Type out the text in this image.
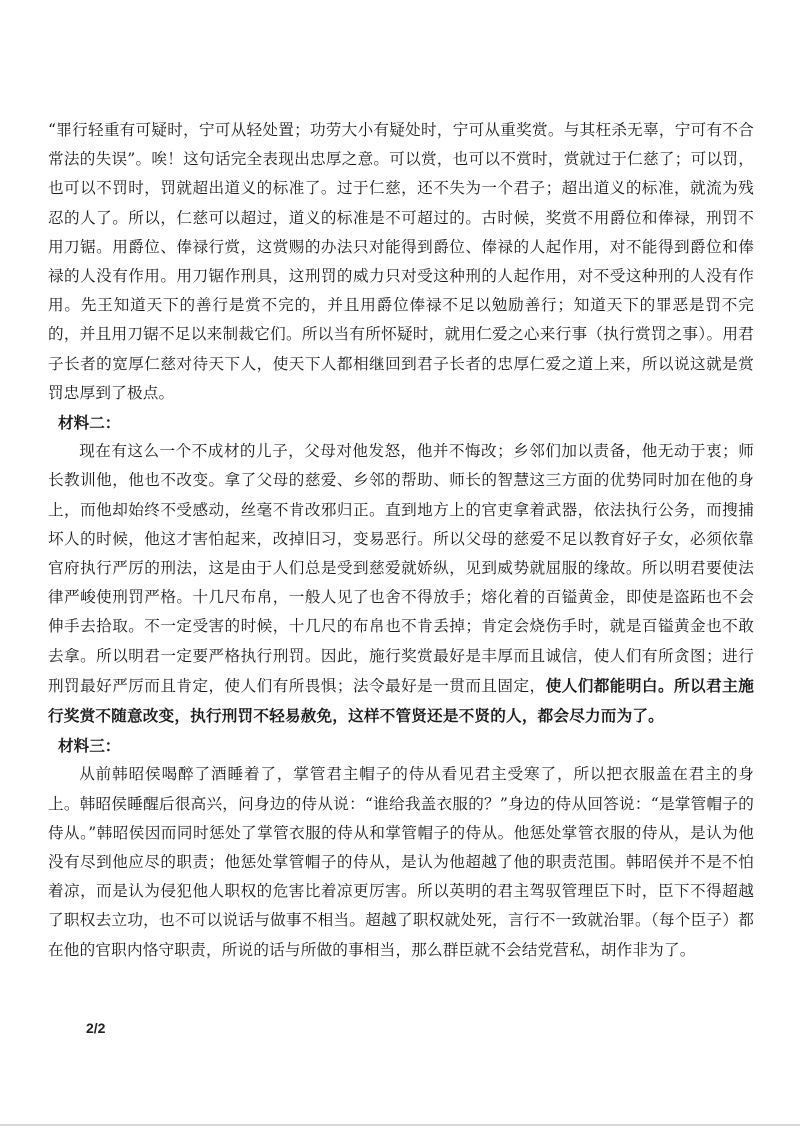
“罪行轻重有可疑时，宁可从轻处置；功劳大小有疑处时，宁可从重奖赏。与其枉杀无辜，宁可有不合常法的失误”。唉！这句话完全表现出忠厚之意。可以赏，也可以不赏时，赏就过于仁慈了；可以罚，也可以不罚时，罚就超出道义的标准了。过于仁慈，还不失为一个君子；超出道义的标准，就流为残忍的人了。所以，仁慈可以超过，道义的标准是不可超过的。古时候，奖赏不用爵位和俸禄，刑罚不用刀锯。用爵位、俸禄行赏，这赏赐的办法只对能得到爵位、俸禄的人起作用，对不能得到爵位和俸禄的人没有作用。用刀锯作刑具，这刑罚的威力只对受这种刑的人起作用，对不受这种刑的人没有作用。先王知道天下的善行是赏不完的，并且用爵位俸禄不足以勉励善行；知道天下的罪恶是罚不完的，并且用刀锯不足以来制裁它们。所以当有所怀疑时，就用仁爱之心来行事（执行赏罚之事）。用君子长者的宽厚仁慈对待天下人，使天下人都相继回到君子长者的忠厚仁爱之道上来，所以说这就是赏罚忠厚到了极点。

材料二：

现在有这么一个不成材的儿子，父母对他发怒，他并不悔改；乡邻们加以责备，他无动于衷；师长教训他，他也不改变。拿了父母的慈爱、乡邻的帮助、师长的智慧这三方面的优势同时加在他的身上，而他却始终不受感动，丝毫不肯改邪归正。直到地方上的官吏拿着武器，依法执行公务，而搜捕坏人的时候，他这才害怕起来，改掉旧习，变易恶行。所以父母的慈爱不足以教育好子女，必须依靠官府执行严厉的刑法，这是由于人们总是受到慈爱就娇纵，见到威势就屈服的缘故。所以明君要使法律严峻使刑罚严格。十几尺布帛，一般人见了也舍不得放手；熔化着的百镒黄金，即使是盗跖也不会伸手去拾取。不一定受害的时候，十几尺的布帛也不肯丢掉；肯定会烧伤手时，就是百镒黄金也不敢去拿。所以明君一定要严格执行刑罚。因此，施行奖赏最好是丰厚而且诚信，使人们有所贪图；进行刑罚最好严厉而且肯定，使人们有所畏惧；法令最好是一贯而且固定，使人们都能明白。所以君主施行奖赏不随意改变，执行刑罚不轻易赦免，这样不管贤还是不贤的人，都会尽力而为了。

材料三：

从前韩昭侯喝醉了酒睡着了，掌管君主帽子的侍从看见君主受寒了，所以把衣服盖在君主的身上。韩昭侯睡醒后很高兴，问身边的侍从说：“谁给我盖衣服的？”身边的侍从回答说：“是掌管帽子的侍从。”韩昭侯因而同时惩处了掌管衣服的侍从和掌管帽子的侍从。他惩处掌管衣服的侍从，是认为他没有尽到他应尽的职责；他惩处掌管帽子的侍从，是认为他超越了他的职责范围。韩昭侯并不是不怕着凉，而是认为侵犯他人职权的危害比着凉更厉害。所以英明的君主驾驭管理臣下时，臣下不得超越了职权去立功，也不可以说话与做事不相当。超越了职权就处死，言行不一致就治罪。（每个臣子）都在他的官职内恪守职责，所说的话与所做的事相当，那么群臣就不会结党营私，胡作非为了。

2/2
